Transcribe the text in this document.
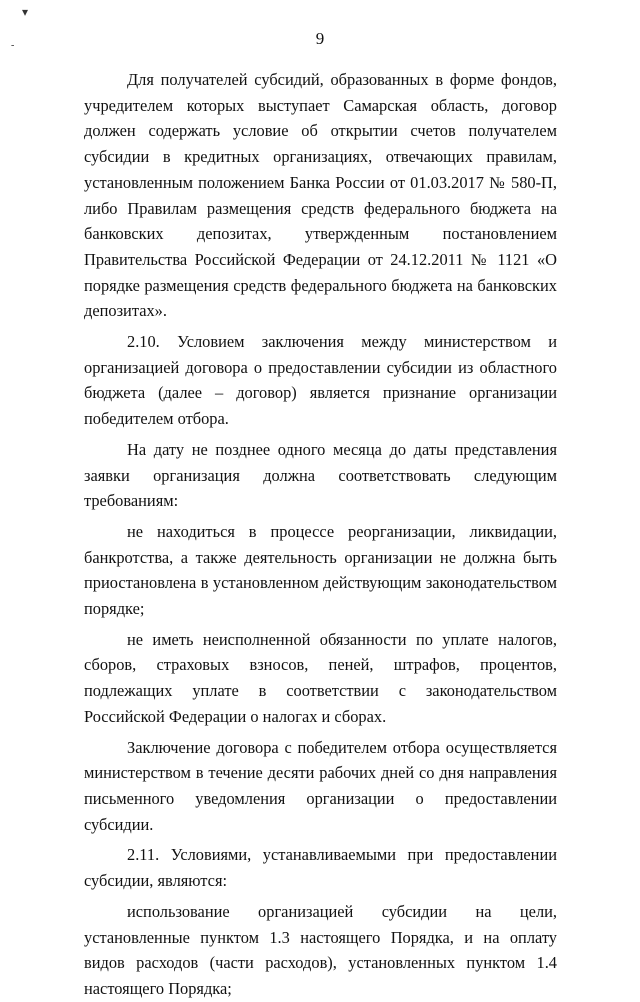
▾
-	9

Для получателей субсидий, образованных в форме фондов, учредителем которых выступает Самарская область, договор должен содержать условие об открытии счетов получателем субсидии в кредитных организациях, отвечающих правилам, установленным положением Банка России от 01.03.2017 № 580-П, либо Правилам размещения средств федерального бюджета на банковских депозитах, утвержденным постановлением Правительства Российской Федерации от 24.12.2011 № 1121 «О порядке размещения средств федерального бюджета на банковских депозитах».

2.10. Условием заключения между министерством и организацией договора о предоставлении субсидии из областного бюджета (далее – договор) является признание организации победителем отбора.

На дату не позднее одного месяца до даты представления заявки организация должна соответствовать следующим требованиям:

не находиться в процессе реорганизации, ликвидации, банкротства, а также деятельность организации не должна быть приостановлена в установленном действующим законодательством порядке;

не иметь неисполненной обязанности по уплате налогов, сборов, страховых взносов, пеней, штрафов, процентов, подлежащих уплате в соответствии с законодательством Российской Федерации о налогах и сборах.

Заключение договора с победителем отбора осуществляется министерством в течение десяти рабочих дней со дня направления письменного уведомления организации о предоставлении субсидии.

2.11. Условиями, устанавливаемыми при предоставлении субсидии, являются:

использование организацией субсидии на цели, установленные пунктом 1.3 настоящего Порядка, и на оплату видов расходов (части расходов), установленных пунктом 1.4 настоящего Порядка;
